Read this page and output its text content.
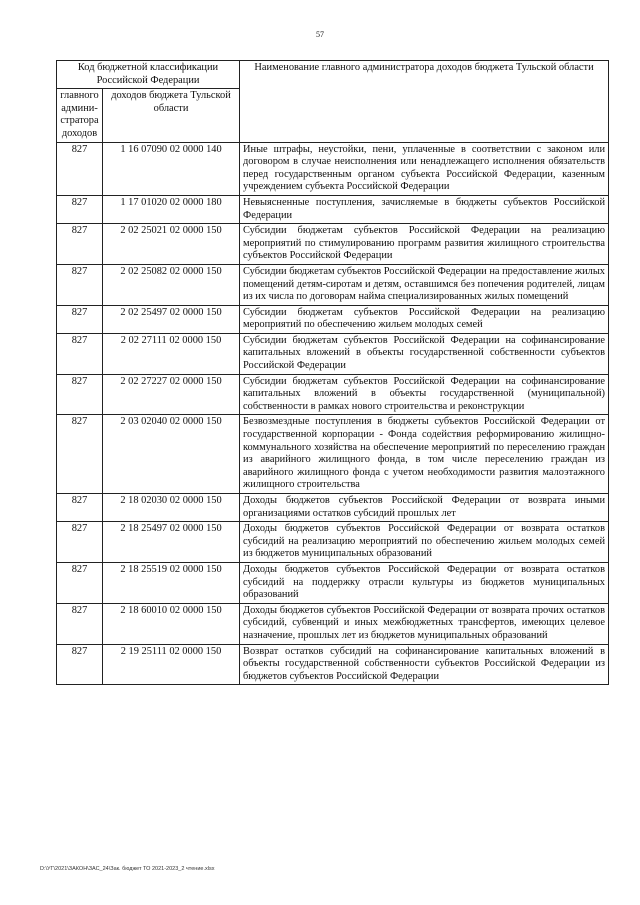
57
Код бюджетной классификации Российской Федерации		Наименование главного администратора доходов бюджета Тульской области
главного админи-стратора доходов	доходов бюджета Тульской области	
827	1 16 07090 02 0000 140	Иные штрафы, неустойки, пени, уплаченные в соответствии с законом или договором в случае неисполнения или ненадлежащего исполнения обязательств перед государственным органом субъекта Российской Федерации, казенным учреждением субъекта Российской Федерации
827	1 17 01020 02 0000 180	Невыясненные поступления, зачисляемые в бюджеты субъектов Российской Федерации
827	2 02 25021 02 0000 150	Субсидии бюджетам субъектов Российской Федерации на реализацию мероприятий по стимулированию программ развития жилищного строительства субъектов Российской Федерации
827	2 02 25082 02 0000 150	Субсидии бюджетам субъектов Российской Федерации на предоставление жилых помещений детям-сиротам и детям, оставшимся без попечения родителей, лицам из их числа по договорам найма специализированных жилых помещений
827	2 02 25497 02 0000 150	Субсидии бюджетам субъектов Российской Федерации на реализацию мероприятий по обеспечению жильем молодых семей
827	2 02 27111 02 0000 150	Субсидии бюджетам субъектов Российской Федерации на софинансирование капитальных вложений в объекты государственной собственности субъектов Российской Федерации
827	2 02 27227 02 0000 150	Субсидии бюджетам субъектов Российской Федерации на софинансирование капитальных вложений в объекты государственной (муниципальной) собственности в рамках нового строительства и реконструкции
827	2 03 02040 02 0000 150	Безвозмездные поступления в бюджеты субъектов Российской Федерации от государственной корпорации - Фонда содействия реформированию жилищно-коммунального хозяйства на обеспечение мероприятий по переселению граждан из аварийного жилищного фонда, в том числе переселению граждан из аварийного жилищного фонда с учетом необходимости развития малоэтажного жилищного строительства
827	2 18 02030 02 0000 150	Доходы бюджетов субъектов Российской Федерации от возврата иными организациями остатков субсидий прошлых лет
827	2 18 25497 02 0000 150	Доходы бюджетов субъектов Российской Федерации от возврата остатков субсидий на реализацию мероприятий по обеспечению жильем молодых семей из бюджетов муниципальных образований
827	2 18 25519 02 0000 150	Доходы бюджетов субъектов Российской Федерации от возврата остатков субсидий на поддержку отрасли культуры из бюджетов муниципальных образований
827	2 18 60010 02 0000 150	Доходы бюджетов субъектов Российской Федерации от возврата прочих остатков субсидий, субвенций и иных межбюджетных трансфертов, имеющих целевое назначение, прошлых лет из бюджетов муниципальных образований
827	2 19 25111 02 0000 150	Возврат остатков субсидий на софинансирование капитальных вложений в объекты государственной собственности субъектов Российской Федерации из бюджетов субъектов Российской Федерации
D:\УГ\2021\ЗАКОН\ЗАС_24\Зак. бюджет ТО 2021-2023_2 чтение.xlsx
